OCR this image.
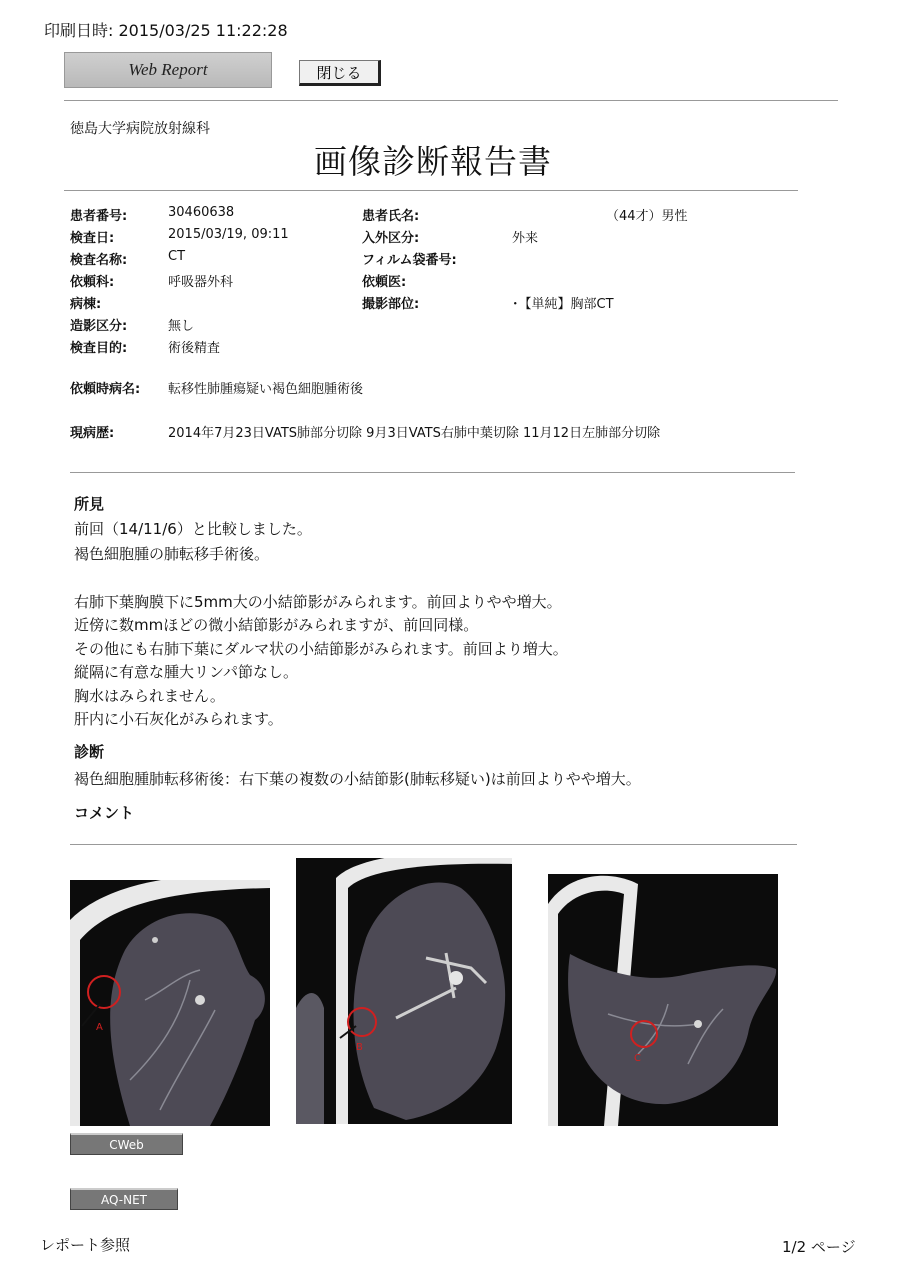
印刷日時: 2015/03/25 11:22:28
Web Report	閉じる
徳島大学病院放射線科
画像診断報告書
患者番号:	30460638
検査日:	2015/03/19, 09:11
検査名称:	CT
依頼科:	呼吸器外科
病棟:
造影区分:	無し
検査目的:	術後精査
患者氏名:	（44才）男性
入外区分:	外来
フィルム袋番号:
依頼医:
撮影部位:	･【単純】胸部CT
依頼時病名: 転移性肺腫瘍疑い褐色細胞腫術後
現病歴:	2014年7月23日VATS肺部分切除 9月3日VATS右肺中葉切除 11月12日左肺部分切除
所見
前回（14/11/6）と比較しました。
褐色細胞腫の肺転移手術後。
右肺下葉胸膜下に5mm大の小結節影がみられます。前回よりやや増大。
近傍に数mmほどの微小結節影がみられますが、前回同様。
その他にも右肺下葉にダルマ状の小結節影がみられます。前回より増大。
縦隔に有意な腫大リンパ節なし。
胸水はみられません。
肝内に小石灰化がみられます。
診断
褐色細胞腫肺転移術後：右下葉の複数の小結節影(肺転移疑い)は前回よりやや増大。
コメント
A
B
C
CWeb
AQ-NET
レポート参照	1/2 ページ
